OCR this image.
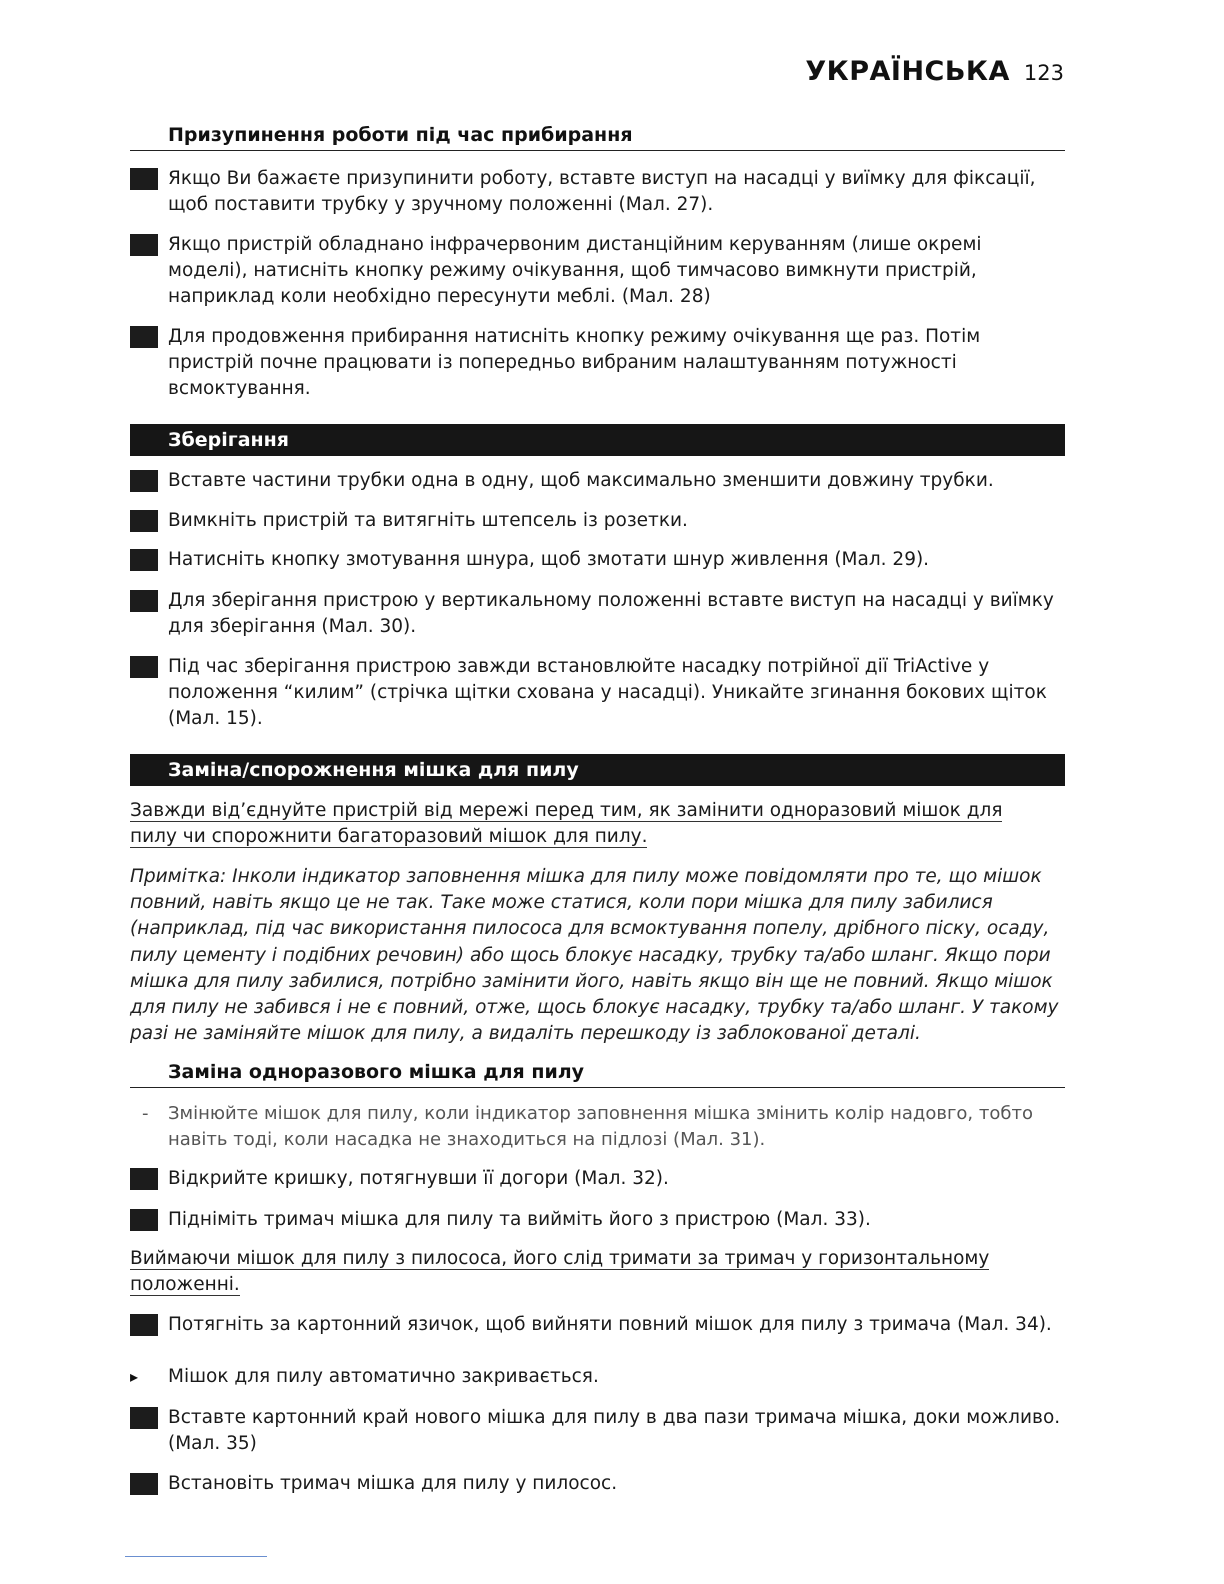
УКРАЇНСЬКА 123
Призупинення роботи під час прибирання
Якщо Ви бажаєте призупинити роботу, вставте виступ на насадці у виїмку для фіксації, щоб поставити трубку у зручному положенні (Мал. 27).
Якщо пристрій обладнано інфрачервоним дистанційним керуванням (лише окремі моделі), натисніть кнопку режиму очікування, щоб тимчасово вимкнути пристрій, наприклад коли необхідно пересунути меблі. (Мал. 28)
Для продовження прибирання натисніть кнопку режиму очікування ще раз. Потім пристрій почне працювати із попередньо вибраним налаштуванням потужності всмоктування.
Зберігання
Вставте частини трубки одна в одну, щоб максимально зменшити довжину трубки.
Вимкніть пристрій та витягніть штепсель із розетки.
Натисніть кнопку змотування шнура, щоб змотати шнур живлення (Мал. 29).
Для зберігання пристрою у вертикальному положенні вставте виступ на насадці у виїмку для зберігання (Мал. 30).
Під час зберігання пристрою завжди встановлюйте насадку потрійної дії TriActive у положення “килим” (стрічка щітки схована у насадці). Уникайте згинання бокових щіток (Мал. 15).
Заміна/спорожнення мішка для пилу
Завжди від’єднуйте пристрій від мережі перед тим, як замінити одноразовий мішок для пилу чи спорожнити багаторазовий мішок для пилу.
Примітка: Інколи індикатор заповнення мішка для пилу може повідомляти про те, що мішок повний, навіть якщо це не так. Таке може статися, коли пори мішка для пилу забилися (наприклад, під час використання пилососа для всмоктування попелу, дрібного піску, осаду, пилу цементу і подібних речовин) або щось блокує насадку, трубку та/або шланг. Якщо пори мішка для пилу забилися, потрібно замінити його, навіть якщо він ще не повний. Якщо мішок для пилу не забився і не є повний, отже, щось блокує насадку, трубку та/або шланг. У такому разі не заміняйте мішок для пилу, а видаліть перешкоду із заблокованої деталі.
Заміна одноразового мішка для пилу
-	Змінюйте мішок для пилу, коли індикатор заповнення мішка змінить колір надовго, тобто навіть тоді, коли насадка не знаходиться на підлозі (Мал. 31).
Відкрийте кришку, потягнувши її догори (Мал. 32).
Підніміть тримач мішка для пилу та вийміть його з пристрою (Мал. 33).
Виймаючи мішок для пилу з пилососа, його слід тримати за тримач у горизонтальному положенні.
Потягніть за картонний язичок, щоб вийняти повний мішок для пилу з тримача (Мал. 34).
▸	Мішок для пилу автоматично закривається.
Вставте картонний край нового мішка для пилу в два пази тримача мішка, доки можливо. (Мал. 35)
Встановіть тримач мішка для пилу у пилосос.
